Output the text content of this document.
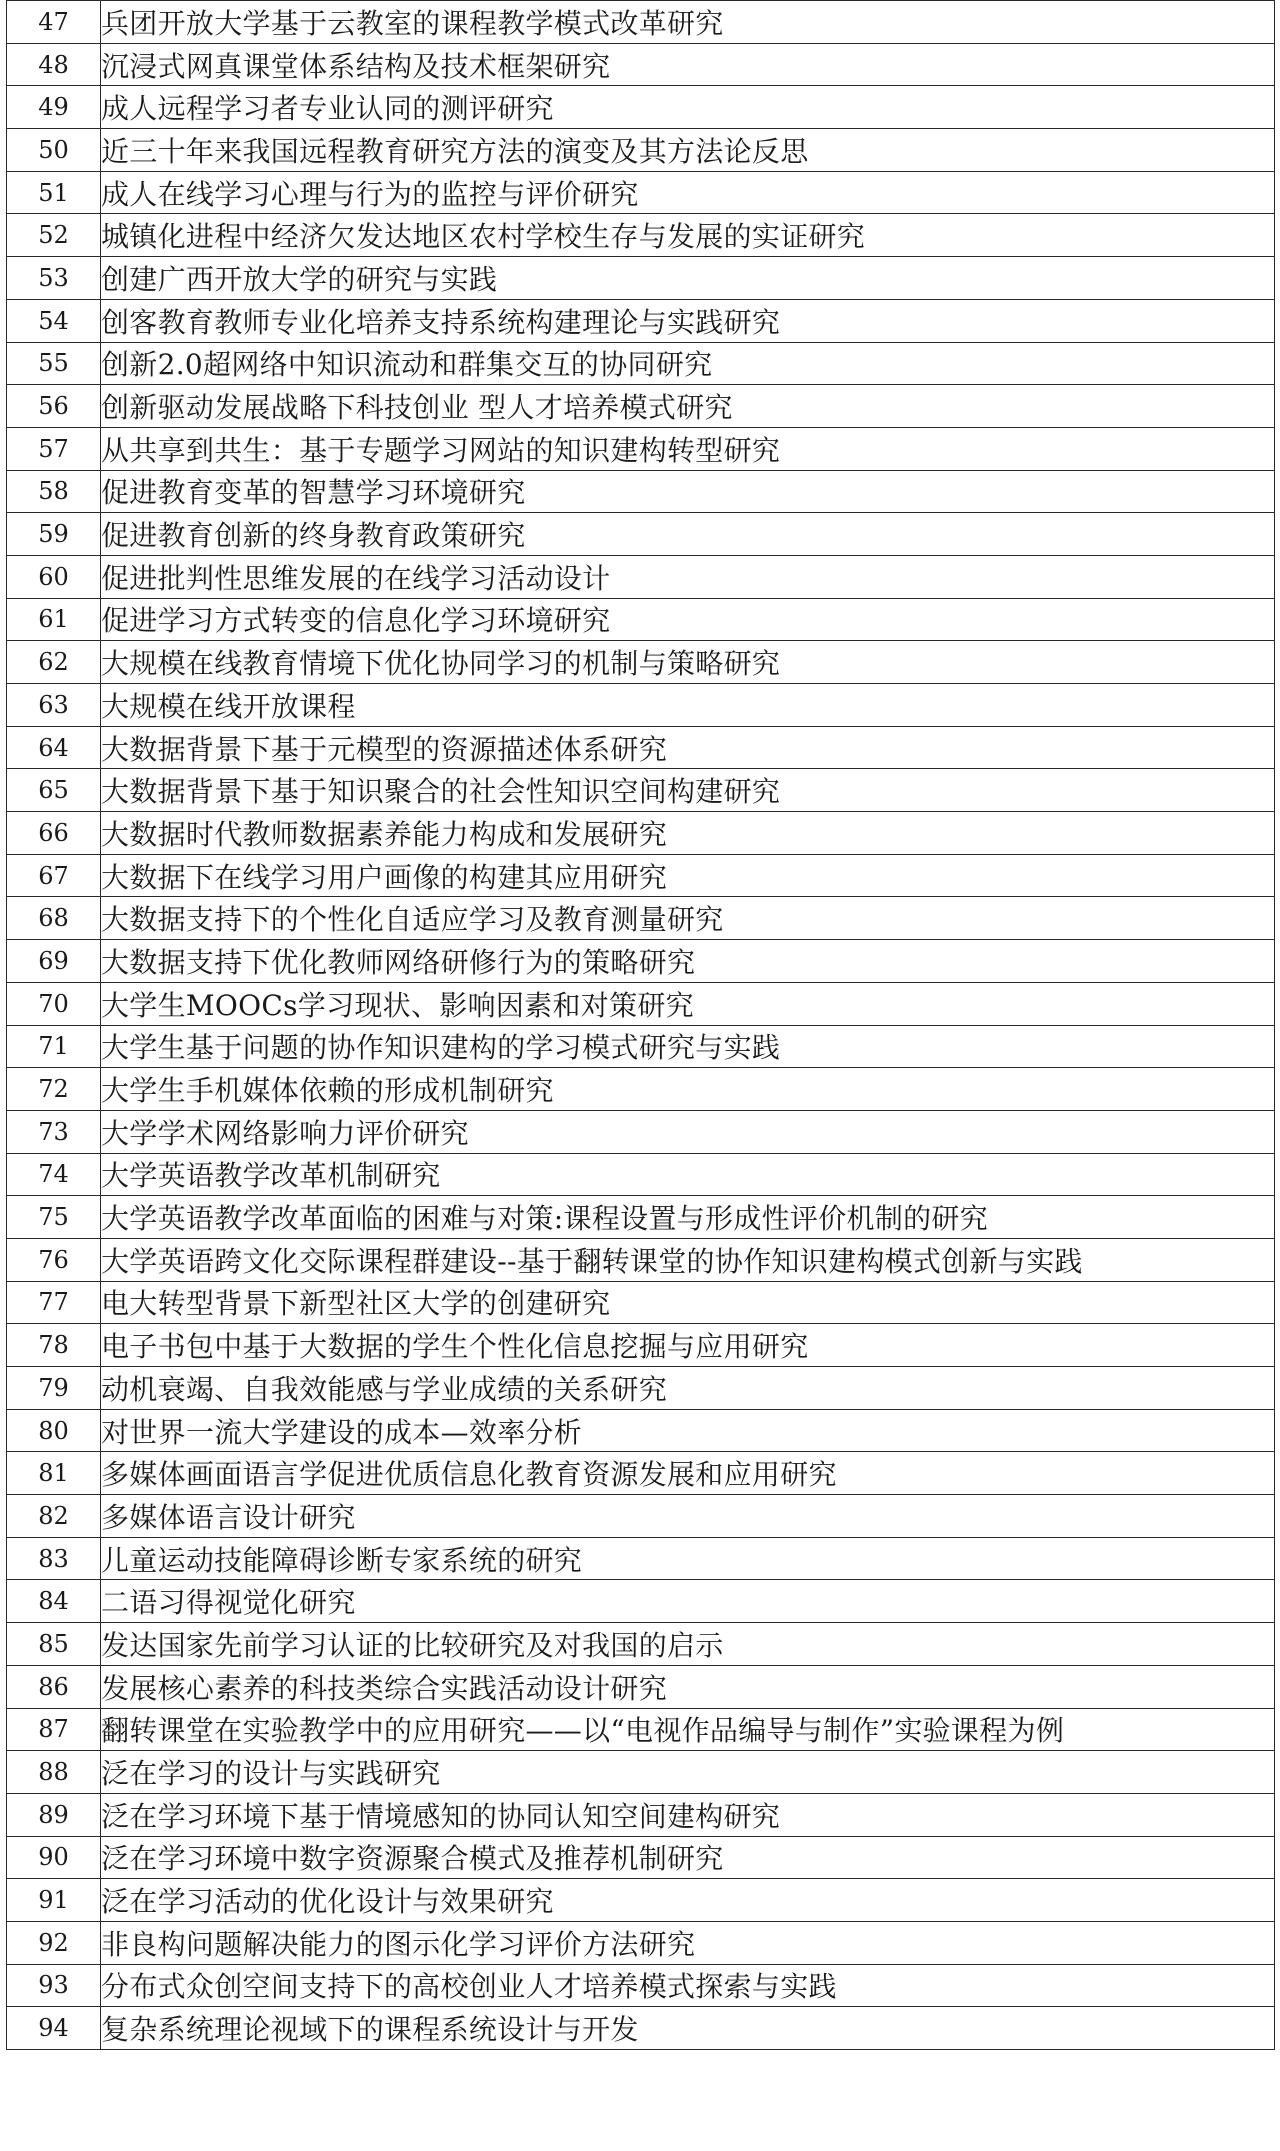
47	兵团开放大学基于云教室的课程教学模式改革研究
48	沉浸式网真课堂体系结构及技术框架研究
49	成人远程学习者专业认同的测评研究
50	近三十年来我国远程教育研究方法的演变及其方法论反思
51	成人在线学习心理与行为的监控与评价研究
52	城镇化进程中经济欠发达地区农村学校生存与发展的实证研究
53	创建广西开放大学的研究与实践
54	创客教育教师专业化培养支持系统构建理论与实践研究
55	创新2.0超网络中知识流动和群集交互的协同研究
56	创新驱动发展战略下科技创业 型人才培养模式研究
57	从共享到共生：基于专题学习网站的知识建构转型研究
58	促进教育变革的智慧学习环境研究
59	促进教育创新的终身教育政策研究
60	促进批判性思维发展的在线学习活动设计
61	促进学习方式转变的信息化学习环境研究
62	大规模在线教育情境下优化协同学习的机制与策略研究
63	大规模在线开放课程
64	大数据背景下基于元模型的资源描述体系研究
65	大数据背景下基于知识聚合的社会性知识空间构建研究
66	大数据时代教师数据素养能力构成和发展研究
67	大数据下在线学习用户画像的构建其应用研究
68	大数据支持下的个性化自适应学习及教育测量研究
69	大数据支持下优化教师网络研修行为的策略研究
70	大学生MOOCs学习现状、影响因素和对策研究
71	大学生基于问题的协作知识建构的学习模式研究与实践
72	大学生手机媒体依赖的形成机制研究
73	大学学术网络影响力评价研究
74	大学英语教学改革机制研究
75	大学英语教学改革面临的困难与对策:课程设置与形成性评价机制的研究
76	大学英语跨文化交际课程群建设--基于翻转课堂的协作知识建构模式创新与实践
77	电大转型背景下新型社区大学的创建研究
78	电子书包中基于大数据的学生个性化信息挖掘与应用研究
79	动机衰竭、自我效能感与学业成绩的关系研究
80	对世界一流大学建设的成本—效率分析
81	多媒体画面语言学促进优质信息化教育资源发展和应用研究
82	多媒体语言设计研究
83	儿童运动技能障碍诊断专家系统的研究
84	二语习得视觉化研究
85	发达国家先前学习认证的比较研究及对我国的启示
86	发展核心素养的科技类综合实践活动设计研究
87	翻转课堂在实验教学中的应用研究——以“电视作品编导与制作”实验课程为例
88	泛在学习的设计与实践研究
89	泛在学习环境下基于情境感知的协同认知空间建构研究
90	泛在学习环境中数字资源聚合模式及推荐机制研究
91	泛在学习活动的优化设计与效果研究
92	非良构问题解决能力的图示化学习评价方法研究
93	分布式众创空间支持下的高校创业人才培养模式探索与实践
94	复杂系统理论视域下的课程系统设计与开发
